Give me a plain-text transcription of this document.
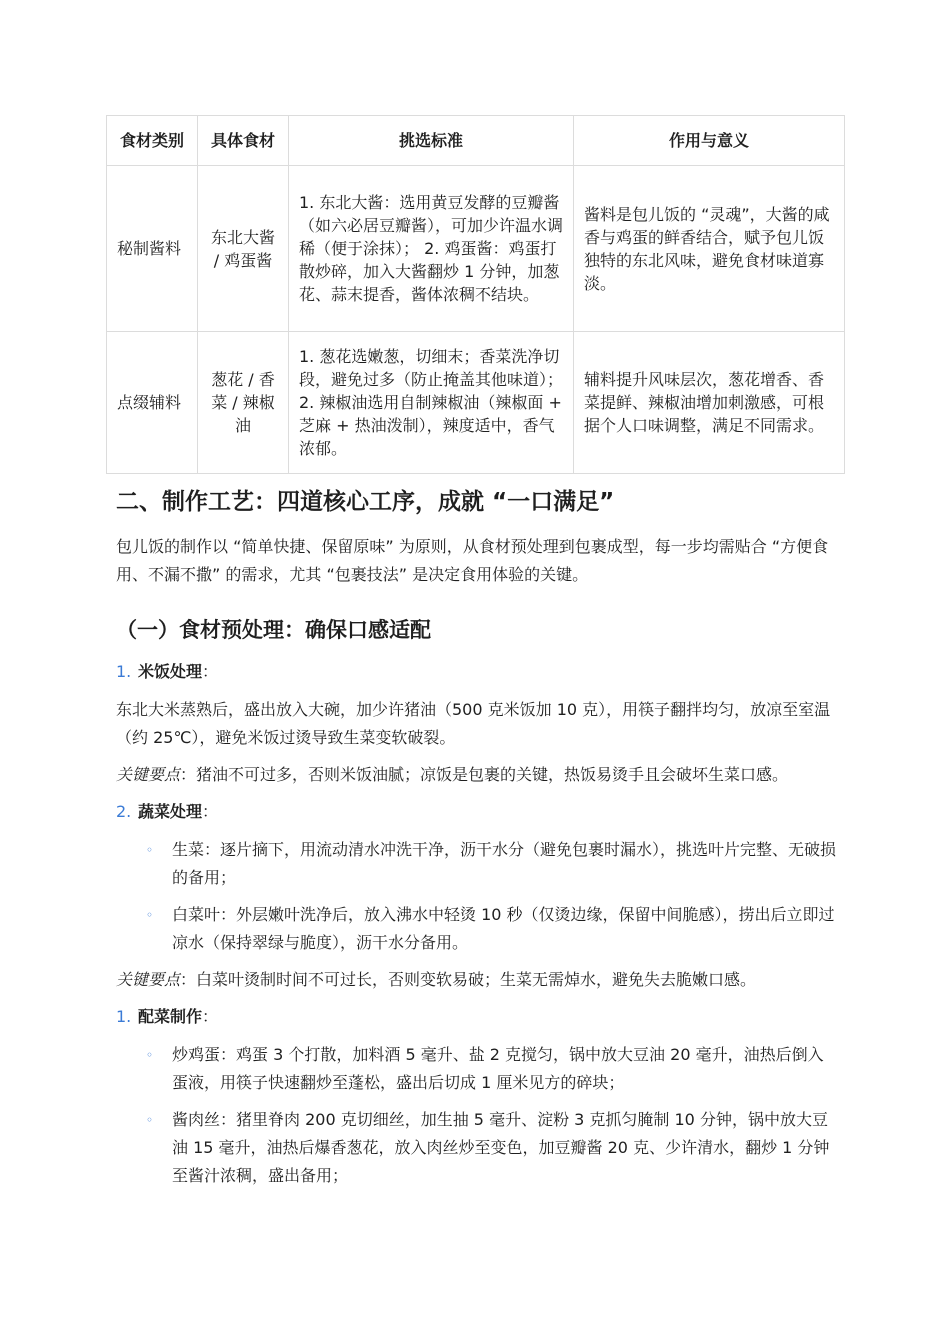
食材类别	具体食材	挑选标准	作用与意义
秘制酱料	东北大酱 / 鸡蛋酱	1. 东北大酱：选用黄豆发酵的豆瓣酱（如六必居豆瓣酱），可加少许温水调稀（便于涂抹）； 2. 鸡蛋酱：鸡蛋打散炒碎，加入大酱翻炒 1 分钟，加葱花、蒜末提香，酱体浓稠不结块。	酱料是包儿饭的 “灵魂”，大酱的咸香与鸡蛋的鲜香结合，赋予包儿饭独特的东北风味，避免食材味道寡淡。
点缀辅料	葱花 / 香菜 / 辣椒油	1. 葱花选嫩葱，切细末；香菜洗净切段，避免过多（防止掩盖其他味道）； 2. 辣椒油选用自制辣椒油（辣椒面 + 芝麻 + 热油泼制），辣度适中，香气浓郁。	辅料提升风味层次，葱花增香、香菜提鲜、辣椒油增加刺激感，可根据个人口味调整，满足不同需求。
二、制作工艺：四道核心工序，成就 “一口满足”

包儿饭的制作以 “简单快捷、保留原味” 为原则，从食材预处理到包裹成型，每一步均需贴合 “方便食用、不漏不撒” 的需求，尤其 “包裹技法” 是决定食用体验的关键。

（一）食材预处理：确保口感适配

1. 米饭处理：

东北大米蒸熟后，盛出放入大碗，加少许猪油（500 克米饭加 10 克），用筷子翻拌均匀，放凉至室温（约 25℃），避免米饭过烫导致生菜变软破裂。

关键要点：猪油不可过多，否则米饭油腻；凉饭是包裹的关键，热饭易烫手且会破坏生菜口感。

2. 蔬菜处理：

◦	生菜：逐片摘下，用流动清水冲洗干净，沥干水分（避免包裹时漏水），挑选叶片完整、无破损的备用；
◦	白菜叶：外层嫩叶洗净后，放入沸水中轻烫 10 秒（仅烫边缘，保留中间脆感），捞出后立即过凉水（保持翠绿与脆度），沥干水分备用。

关键要点：白菜叶烫制时间不可过长，否则变软易破；生菜无需焯水，避免失去脆嫩口感。

1. 配菜制作：

◦	炒鸡蛋：鸡蛋 3 个打散，加料酒 5 毫升、盐 2 克搅匀，锅中放大豆油 20 毫升，油热后倒入蛋液，用筷子快速翻炒至蓬松，盛出后切成 1 厘米见方的碎块；
◦	酱肉丝：猪里脊肉 200 克切细丝，加生抽 5 毫升、淀粉 3 克抓匀腌制 10 分钟，锅中放大豆油 15 毫升，油热后爆香葱花，放入肉丝炒至变色，加豆瓣酱 20 克、少许清水，翻炒 1 分钟至酱汁浓稠，盛出备用；
